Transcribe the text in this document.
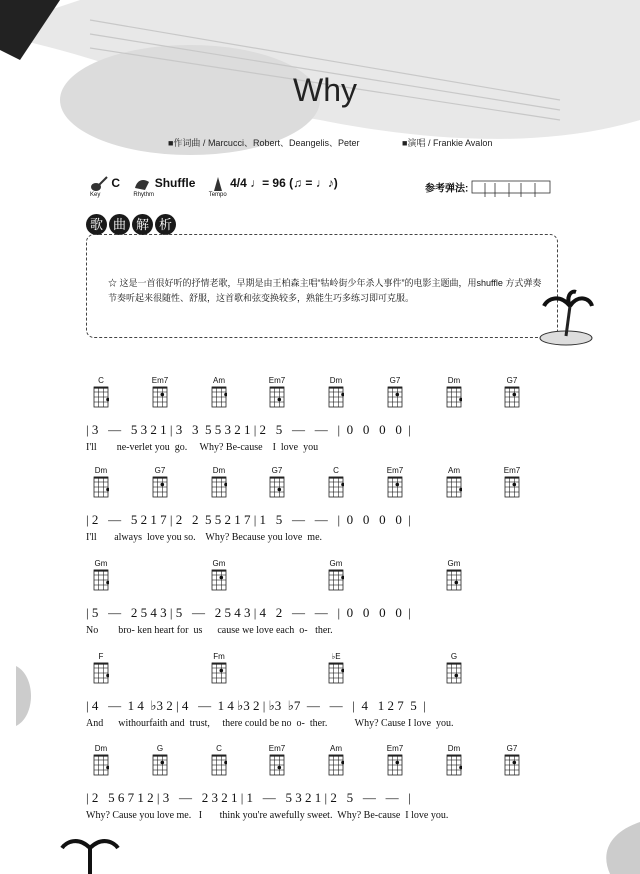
Why
■作词曲 / Marcucci、Robert、Deangelis、Peter	■演唱 / Frankie Avalon
C
Key
Shuffle
Rhythm
4/4 ♩= 96 (♫ = ♩♪)
Tempo
参考弹法:
歌 曲 解 析
☆ 这是一首很好听的抒情老歌，早期是由王柏森主唱“牯岭街少年杀人事件”的电影主题曲，用shuffle 方式弹奏节奏听起来很随性、舒服，这首歌和弦变换较多，熟能生巧多练习即可克服。
C	Em7	Am	Em7	Dm	G7	Dm	G7
| 3   —   5 3 2 1 | 3   3  5 5 3 2 1 | 2   5   —   —   |  0   0   0   0  |
I'll        ne-verlet you  go.     Why? Be-cause    I  love  you
Dm	G7	Dm	G7	C	Em7	Am	Em7
| 2   —   5 2 1 7 | 2   2  5 5 2 1 7 | 1   5   —   —   |  0   0   0   0  |
I'll       always  love you so.    Why? Because you love  me.
Gm	Gm	Gm	Gm
| 5   —   2 5 4 3 | 5   —   2 5 4 3 | 4   2   —   —   |  0   0   0   0  |
No        bro- ken heart for  us      cause we love each  o-   ther.
F	Fm	♭E	G
| 4   —  1 4  ♭3 2 | 4   —  1 4 ♭3 2 | ♭3  ♭7  —   —   |  4   1 2 7  5  |
And      withourfaith and  trust,     there could be no  o-  ther.           Why? Cause I love  you.
Dm	G	C	Em7	Am	Em7	Dm	G7
| 2   5 6 7 1 2 | 3   —   2 3 2 1 | 1   —   5 3 2 1 | 2   5   —   —   |
Why? Cause you love me.   I       think you're awefully sweet.  Why? Be-cause  I love you.
